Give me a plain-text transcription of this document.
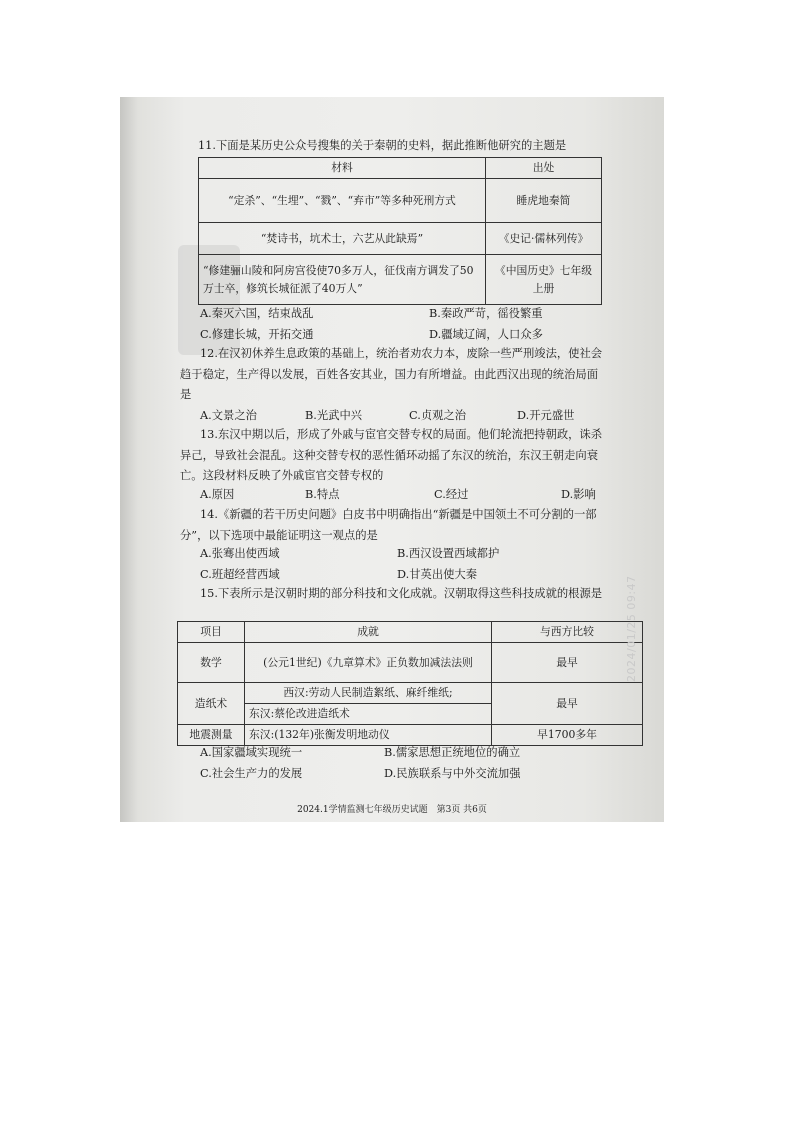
11.下面是某历史公众号搜集的关于秦朝的史料，据此推断他研究的主题是
材料	出处
“定杀”、“生埋”、“戮”、“弃市”等多种死刑方式	睡虎地秦简
“焚诗书，坑术士，六艺从此缺焉”	《史记·儒林列传》
“修建骊山陵和阿房宫役使70多万人，征伐南方调发了50万士卒，修筑长城征派了40万人”	《中国历史》七年级上册
A.秦灭六国，结束战乱	B.秦政严苛，徭役繁重
C.修建长城，开拓交通	D.疆域辽阔，人口众多
12.在汉初休养生息政策的基础上，统治者劝农力本，废除一些严刑竣法，使社会趋于稳定，生产得以发展，百姓各安其业，国力有所增益。由此西汉出现的统治局面是
A.文景之治	B.光武中兴	C.贞观之治	D.开元盛世
13.东汉中期以后，形成了外戚与宦官交替专权的局面。他们轮流把持朝政，诛杀异己，导致社会混乱。这种交替专权的恶性循环动摇了东汉的统治，东汉王朝走向衰亡。这段材料反映了外戚宦官交替专权的
A.原因	B.特点	C.经过	D.影响
14.《新疆的若干历史问题》白皮书中明确指出“新疆是中国领土不可分割的一部分”，以下选项中最能证明这一观点的是
A.张骞出使西域	B.西汉设置西域都护
C.班超经营西域	D.甘英出使大秦
15.下表所示是汉朝时期的部分科技和文化成就。汉朝取得这些科技成就的根源是
项目	成就	与西方比较
数学	(公元1世纪)《九章算术》正负数加减法法则	最早
造纸术	西汉:劳动人民制造絮纸、麻纤维纸;	最早
	东汉:蔡伦改进造纸术	
地震测量	东汉:(132年)张衡发明地动仪	早1700多年
A.国家疆域实现统一	B.儒家思想正统地位的确立
C.社会生产力的发展	D.民族联系与中外交流加强
2024.1学情监测七年级历史试题　第3页 共6页
2024/01/25 09:47
